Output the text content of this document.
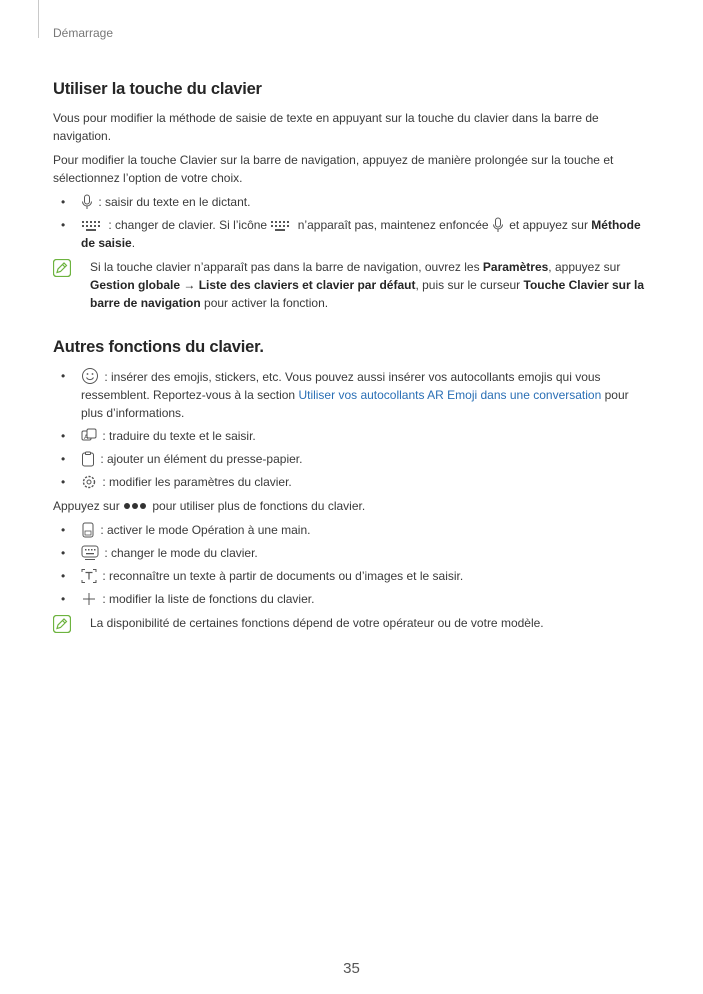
Démarrage
Utiliser la touche du clavier

Vous pour modifier la méthode de saisie de texte en appuyant sur la touche du clavier dans la barre de navigation.

Pour modifier la touche Clavier sur la barre de navigation, appuyez de manière prolongée sur la touche et sélectionnez l’option de votre choix.

• : saisir du texte en le dictant.
• : changer de clavier. Si l’icône  n’apparaît pas, maintenez enfoncée  et appuyez sur Méthode de saisie.
Si la touche clavier n’apparaît pas dans la barre de navigation, ouvrez les Paramètres, appuyez sur Gestion globale → Liste des claviers et clavier par défaut, puis sur le curseur Touche Clavier sur la barre de navigation pour activer la fonction.
Autres fonctions du clavier.
• : insérer des emojis, stickers, etc. Vous pouvez aussi insérer vos autocollants emojis qui vous ressemblent. Reportez-vous à la section Utiliser vos autocollants AR Emoji dans une conversation pour plus d’informations.
• A : traduire du texte et le saisir.
• : ajouter un élément du presse-papier.
• : modifier les paramètres du clavier.

Appuyez sur  pour utiliser plus de fonctions du clavier.

• : activer le mode Opération à une main.
• : changer le mode du clavier.
• : reconnaître un texte à partir de documents ou d’images et le saisir.
• : modifier la liste de fonctions du clavier.
La disponibilité de certaines fonctions dépend de votre opérateur ou de votre modèle.
35
